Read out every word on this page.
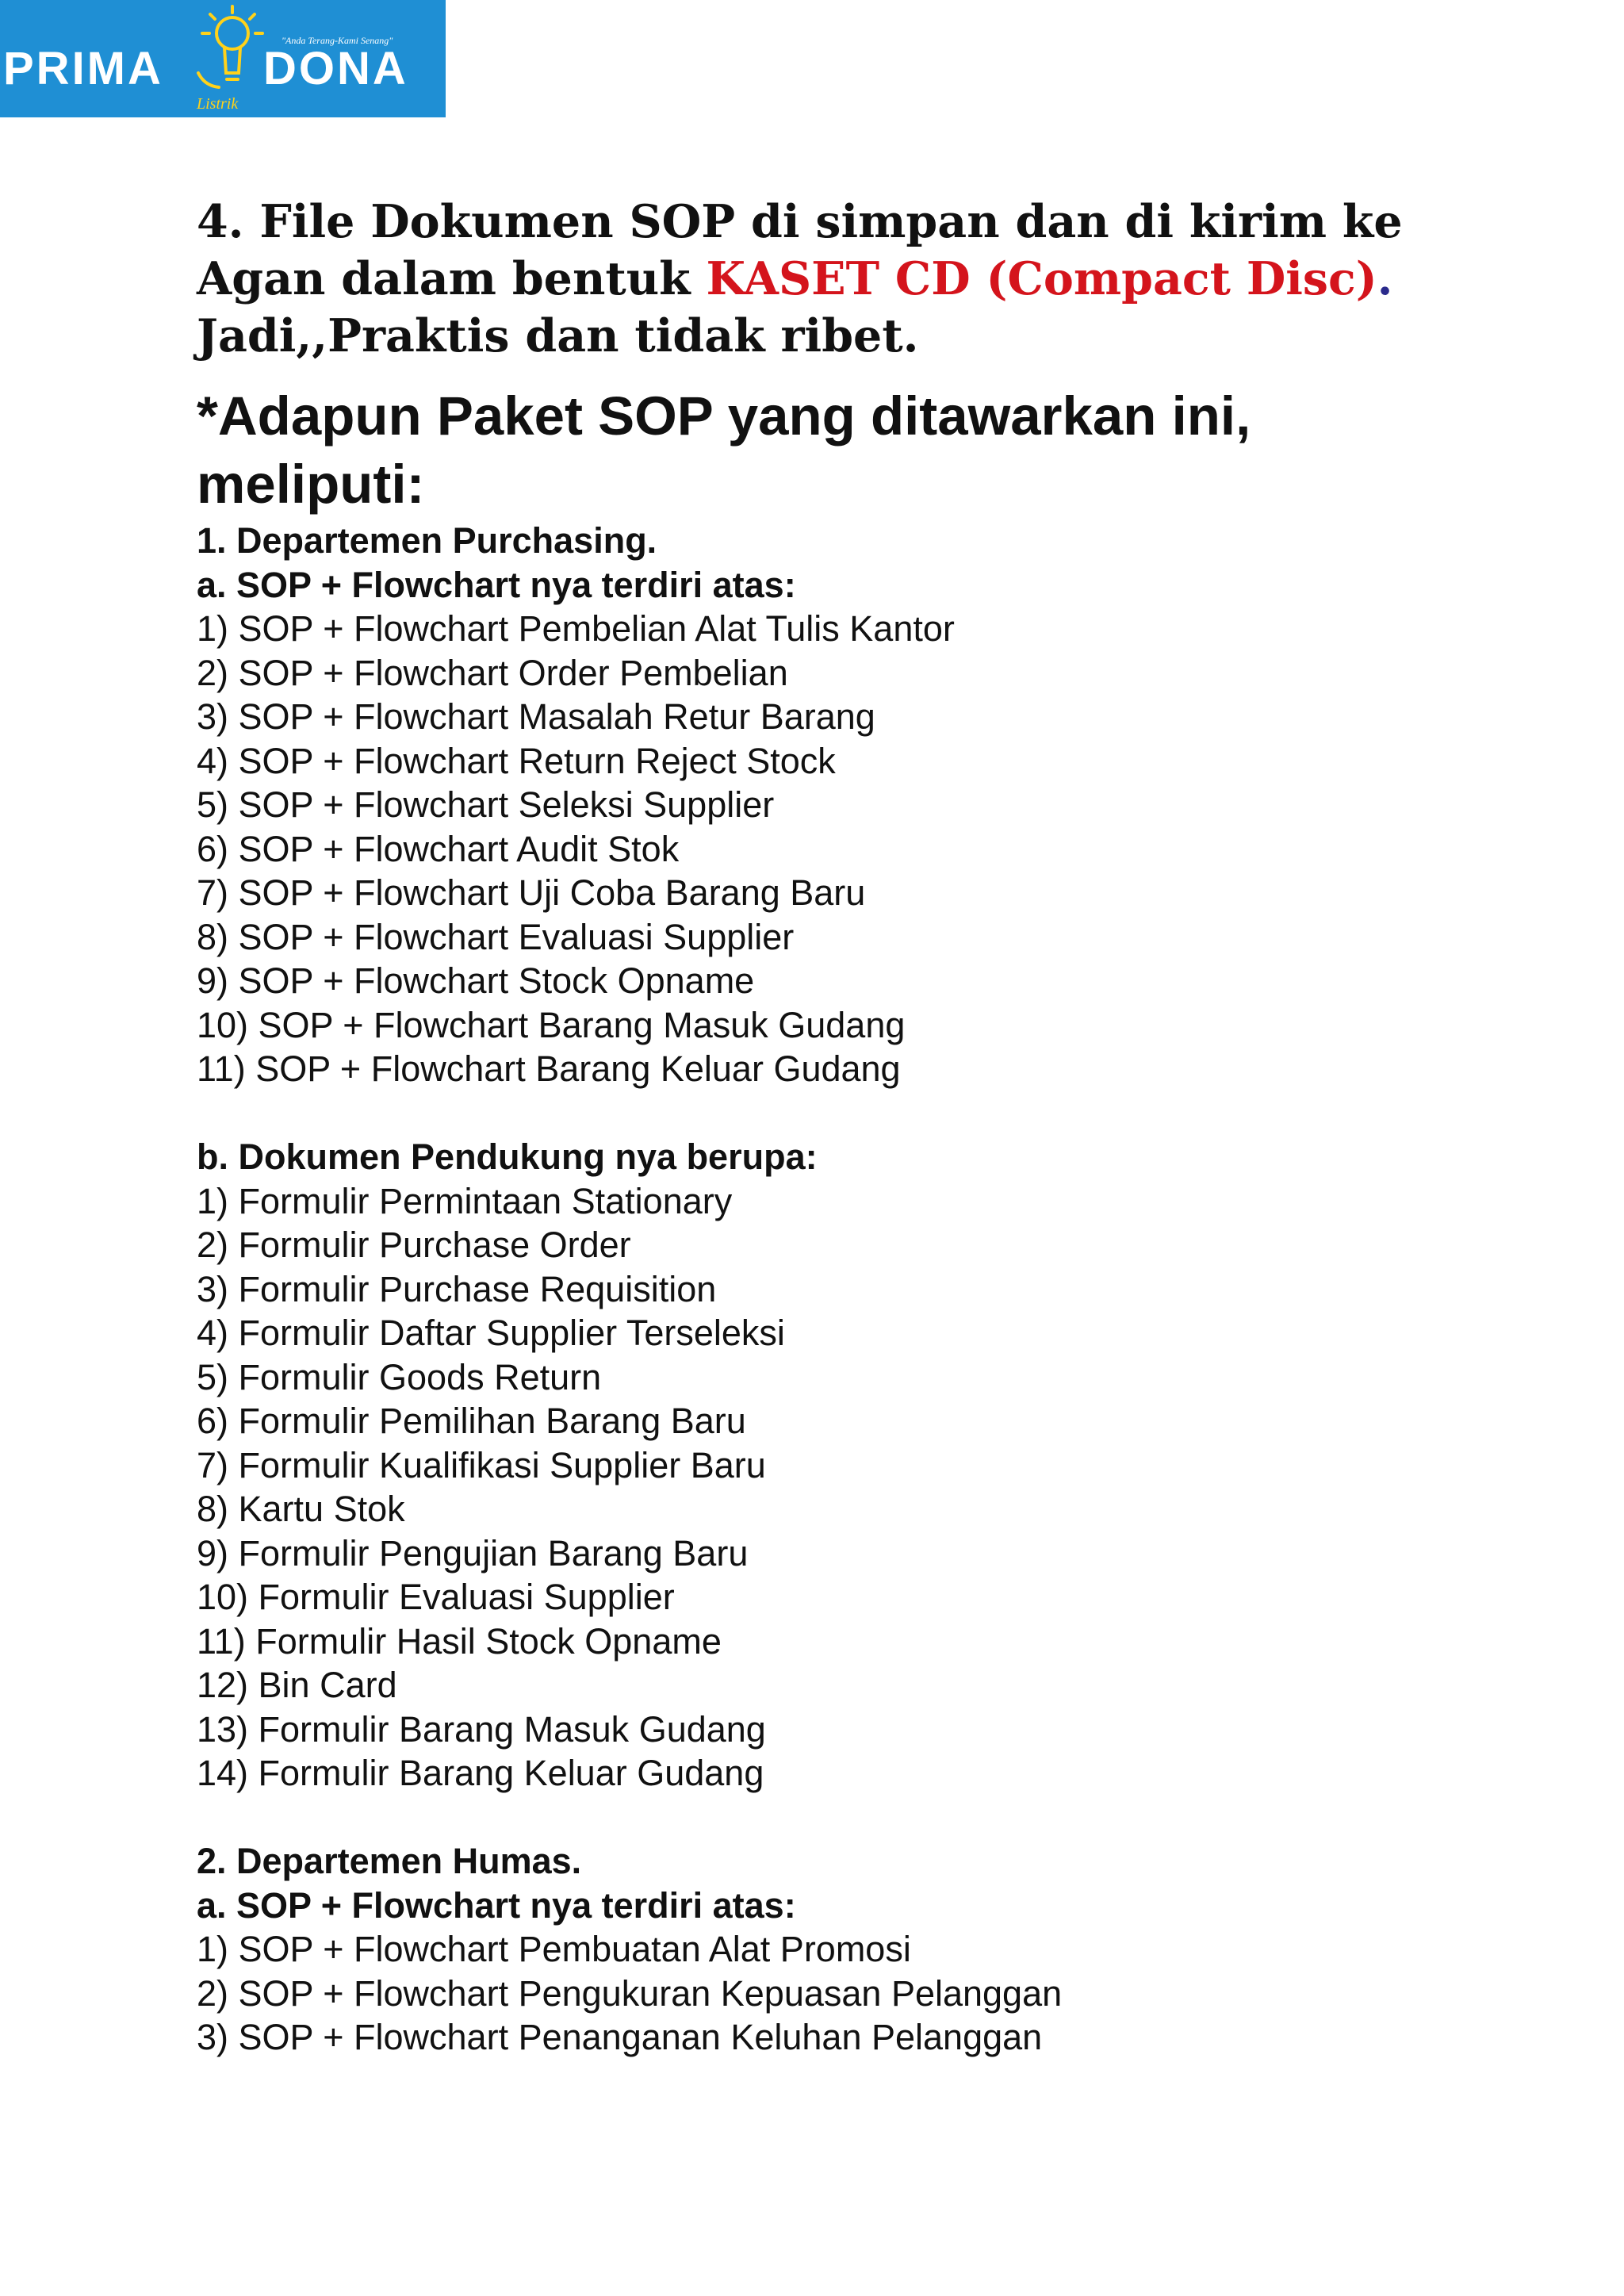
PRIMA DONA
"Anda Terang-Kami Senang"
Listrik

4. File Dokumen SOP di simpan dan di kirim ke Agan dalam bentuk KASET CD (Compact Disc).
Jadi,,Praktis dan tidak ribet.

*Adapun Paket SOP yang ditawarkan ini, meliputi:

1. Departemen Purchasing.
a. SOP + Flowchart nya terdiri atas:
1) SOP + Flowchart Pembelian Alat Tulis Kantor
2) SOP + Flowchart Order Pembelian
3) SOP + Flowchart Masalah Retur Barang
4) SOP + Flowchart Return Reject Stock
5) SOP + Flowchart Seleksi Supplier
6) SOP + Flowchart Audit Stok
7) SOP + Flowchart Uji Coba Barang Baru
8) SOP + Flowchart Evaluasi Supplier
9) SOP + Flowchart Stock Opname
10) SOP + Flowchart Barang Masuk Gudang
11) SOP + Flowchart Barang Keluar Gudang
b. Dokumen Pendukung nya berupa:
1) Formulir Permintaan Stationary
2) Formulir Purchase Order
3) Formulir Purchase Requisition
4) Formulir Daftar Supplier Terseleksi
5) Formulir Goods Return
6) Formulir Pemilihan Barang Baru
7) Formulir Kualifikasi Supplier Baru
8) Kartu Stok
9) Formulir Pengujian Barang Baru
10) Formulir Evaluasi Supplier
11) Formulir Hasil Stock Opname
12) Bin Card
13) Formulir Barang Masuk Gudang
14) Formulir Barang Keluar Gudang
2. Departemen Humas.
a. SOP + Flowchart nya terdiri atas:
1) SOP + Flowchart Pembuatan Alat Promosi
2) SOP + Flowchart Pengukuran Kepuasan Pelanggan
3) SOP + Flowchart Penanganan Keluhan Pelanggan
